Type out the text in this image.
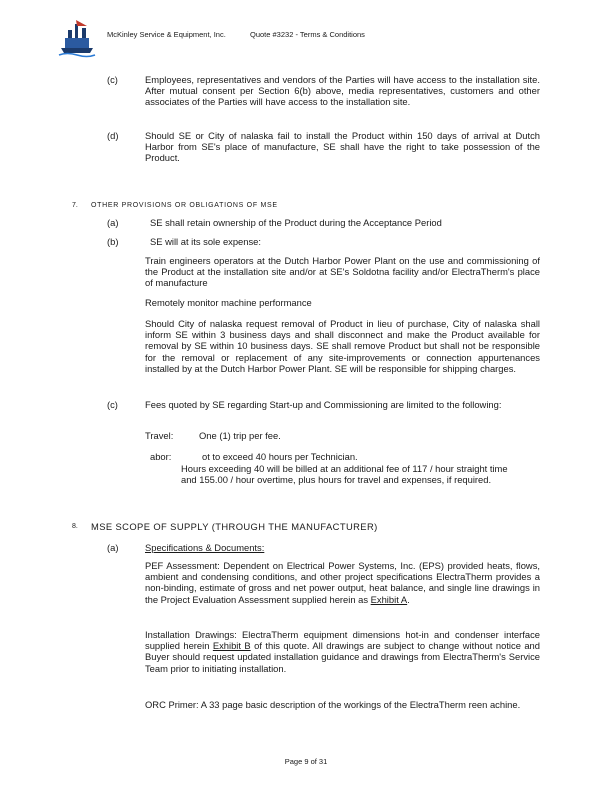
McKinley Service & Equipment, Inc.	Quote #3232 - Terms & Conditions
(c)	Employees, representatives and vendors of the Parties will have access to the installation site. After mutual consent per Section 6(b) above, media representatives, customers and other associates of the Parties will have access to the installation site.
(d)	Should SE or City of nalaska fail to install the Product within 150 days of arrival at Dutch Harbor from SE's place of manufacture, SE shall have the right to take possession of the Product.
7. OTHER PROVISIONS OR OBLIGATIONS OF MSE
(a)	SE shall retain ownership of the Product during the Acceptance Period
(b)	SE will at its sole expense:
Train engineers operators at the Dutch Harbor Power Plant on the use and commissioning of the Product at the installation site and/or at SE's Soldotna facility and/or ElectraTherm's place of manufacture
Remotely monitor machine performance
Should City of nalaska request removal of Product in lieu of purchase, City of nalaska shall inform SE within 3 business days and shall disconnect and make the Product available for removal by SE within 10 business days. SE shall remove Product but shall not be responsible for the removal or replacement of any site-improvements or connection appurtenances installed by at the Dutch Harbor Power Plant. SE will be responsible for shipping charges.
(c)	Fees quoted by SE regarding Start-up and Commissioning are limited to the following:
Travel:	One (1) trip per fee.
abor:	ot to exceed 40 hours per Technician.
Hours exceeding 40 will be billed at an additional fee of 117 / hour straight time and 155.00 / hour overtime, plus hours for travel and expenses, if required.
8. MSE SCOPE OF SUPPLY (THROUGH THE MANUFACTURER)
(a)	Specifications & Documents:
PEF Assessment: Dependent on Electrical Power Systems, Inc. (EPS) provided heats, flows, ambient and condensing conditions, and other project specifications ElectraTherm provides a non-binding, estimate of gross and net power output, heat balance, and single line drawings in the Project Evaluation Assessment supplied herein as Exhibit A.
Installation Drawings: ElectraTherm equipment dimensions hot-in and condenser interface supplied herein Exhibit B of this quote. All drawings are subject to change without notice and Buyer should request updated installation guidance and drawings from ElectraTherm's Service Team prior to initiating installation.
ORC Primer: A 33 page basic description of the workings of the ElectraTherm reen achine.
Page 9 of 31
